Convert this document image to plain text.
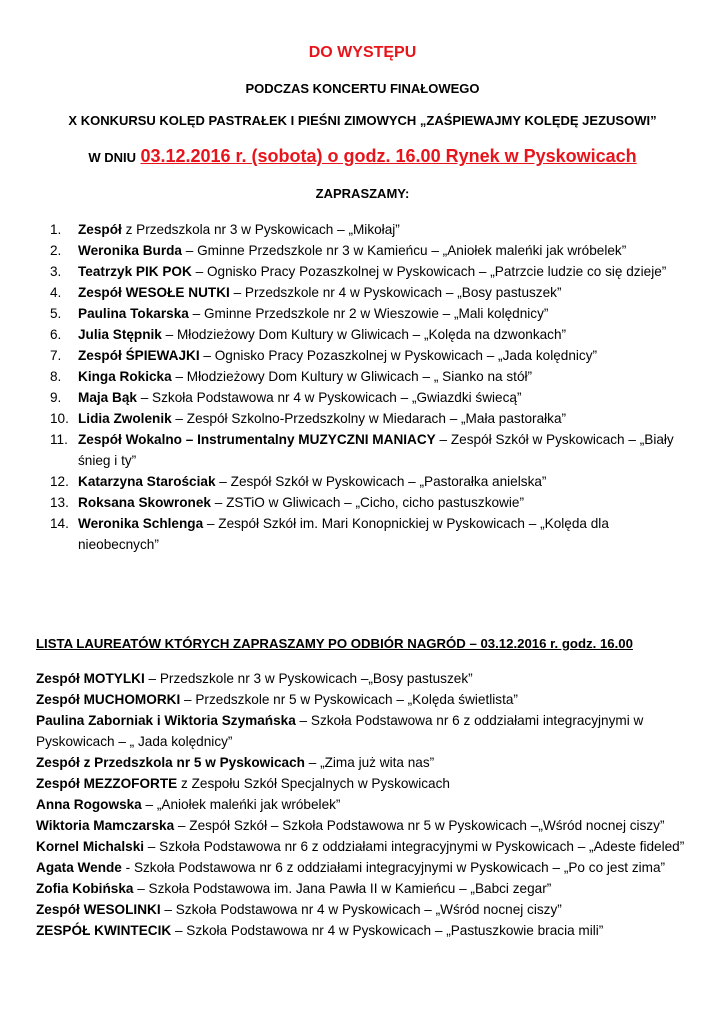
DO WYSTĘPU
PODCZAS KONCERTU FINAŁOWEGO
X KONKURSU KOLĘD PASTRAŁEK I PIEŚNI ZIMOWYCH „ZAŚPIEWAJMY KOLĘDĘ JEZUSOWI”
W DNIU 03.12.2016 r. (sobota) o godz. 16.00 Rynek w Pyskowicach
ZAPRASZAMY:
1.	Zespół z Przedszkola nr 3 w Pyskowicach – „Mikołaj”
2.	Weronika Burda – Gminne Przedszkole nr 3 w Kamieńcu – „Aniołek maleńki jak wróbelek”
3.	Teatrzyk PIK POK – Ognisko Pracy Pozaszkolnej w Pyskowicach – „Patrzcie ludzie co się dzieje”
4.	Zespół WESOŁE NUTKI – Przedszkole nr 4 w Pyskowicach – „Bosy pastuszek”
5.	Paulina Tokarska – Gminne Przedszkole nr 2 w Wieszowie – „Mali kolędnicy”
6.	Julia Stępnik – Młodzieżowy Dom Kultury w Gliwicach – „Kolęda na dzwonkach”
7.	Zespół ŚPIEWAJKI – Ognisko Pracy Pozaszkolnej w Pyskowicach – „Jada kolędnicy”
8.	Kinga Rokicka – Młodzieżowy Dom Kultury w Gliwicach – „ Sianko na stół”
9.	Maja Bąk – Szkoła Podstawowa nr 4 w Pyskowicach – „Gwiazdki świecą”
10. Lidia Zwolenik – Zespół Szkolno-Przedszkolny w Miedarach – „Mała pastorałka”
11. Zespół Wokalno – Instrumentalny MUZYCZNI MANIACY – Zespół Szkół w Pyskowicach – „Biały śnieg i ty”
12. Katarzyna Starościak – Zespół Szkół w Pyskowicach – „Pastorałka anielska”
13. Roksana Skowronek – ZSTiO w Gliwicach – „Cicho, cicho pastuszkowie”
14. Weronika Schlenga – Zespół Szkół im. Mari Konopnickiej w Pyskowicach – „Kolęda dla nieobecnych”
LISTA LAUREATÓW KTÓRYCH ZAPRASZAMY PO ODBIÓR NAGRÓD – 03.12.2016 r. godz. 16.00

Zespół MOTYLKI – Przedszkole nr 3 w Pyskowicach –„Bosy pastuszek”

Zespół MUCHOMORKI – Przedszkole nr 5 w Pyskowicach – „Kolęda świetlista”

Paulina Zaborniak i Wiktoria Szymańska – Szkoła Podstawowa nr 6 z oddziałami integracyjnymi w Pyskowicach – „ Jada kolędnicy”

Zespół z Przedszkola nr 5 w Pyskowicach – „Zima już wita nas”

Zespół MEZZOFORTE z Zespołu Szkół Specjalnych w Pyskowicach

Anna Rogowska – „Aniołek maleńki jak wróbelek”

Wiktoria Mamczarska – Zespół Szkół – Szkoła Podstawowa nr 5 w Pyskowicach –„Wśród nocnej ciszy”

Kornel Michalski – Szkoła Podstawowa nr 6 z oddziałami integracyjnymi w Pyskowicach – „Adeste fideled”

Agata Wende - Szkoła Podstawowa nr 6 z oddziałami integracyjnymi w Pyskowicach – „Po co jest zima”

Zofia Kobińska – Szkoła Podstawowa im. Jana Pawła II w Kamieńcu – „Babci zegar”

Zespół WESOLINKI – Szkoła Podstawowa nr 4 w Pyskowicach – „Wśród nocnej ciszy”

ZESPÓŁ KWINTECIK – Szkoła Podstawowa nr 4 w Pyskowicach – „Pastuszkowie bracia mili”
